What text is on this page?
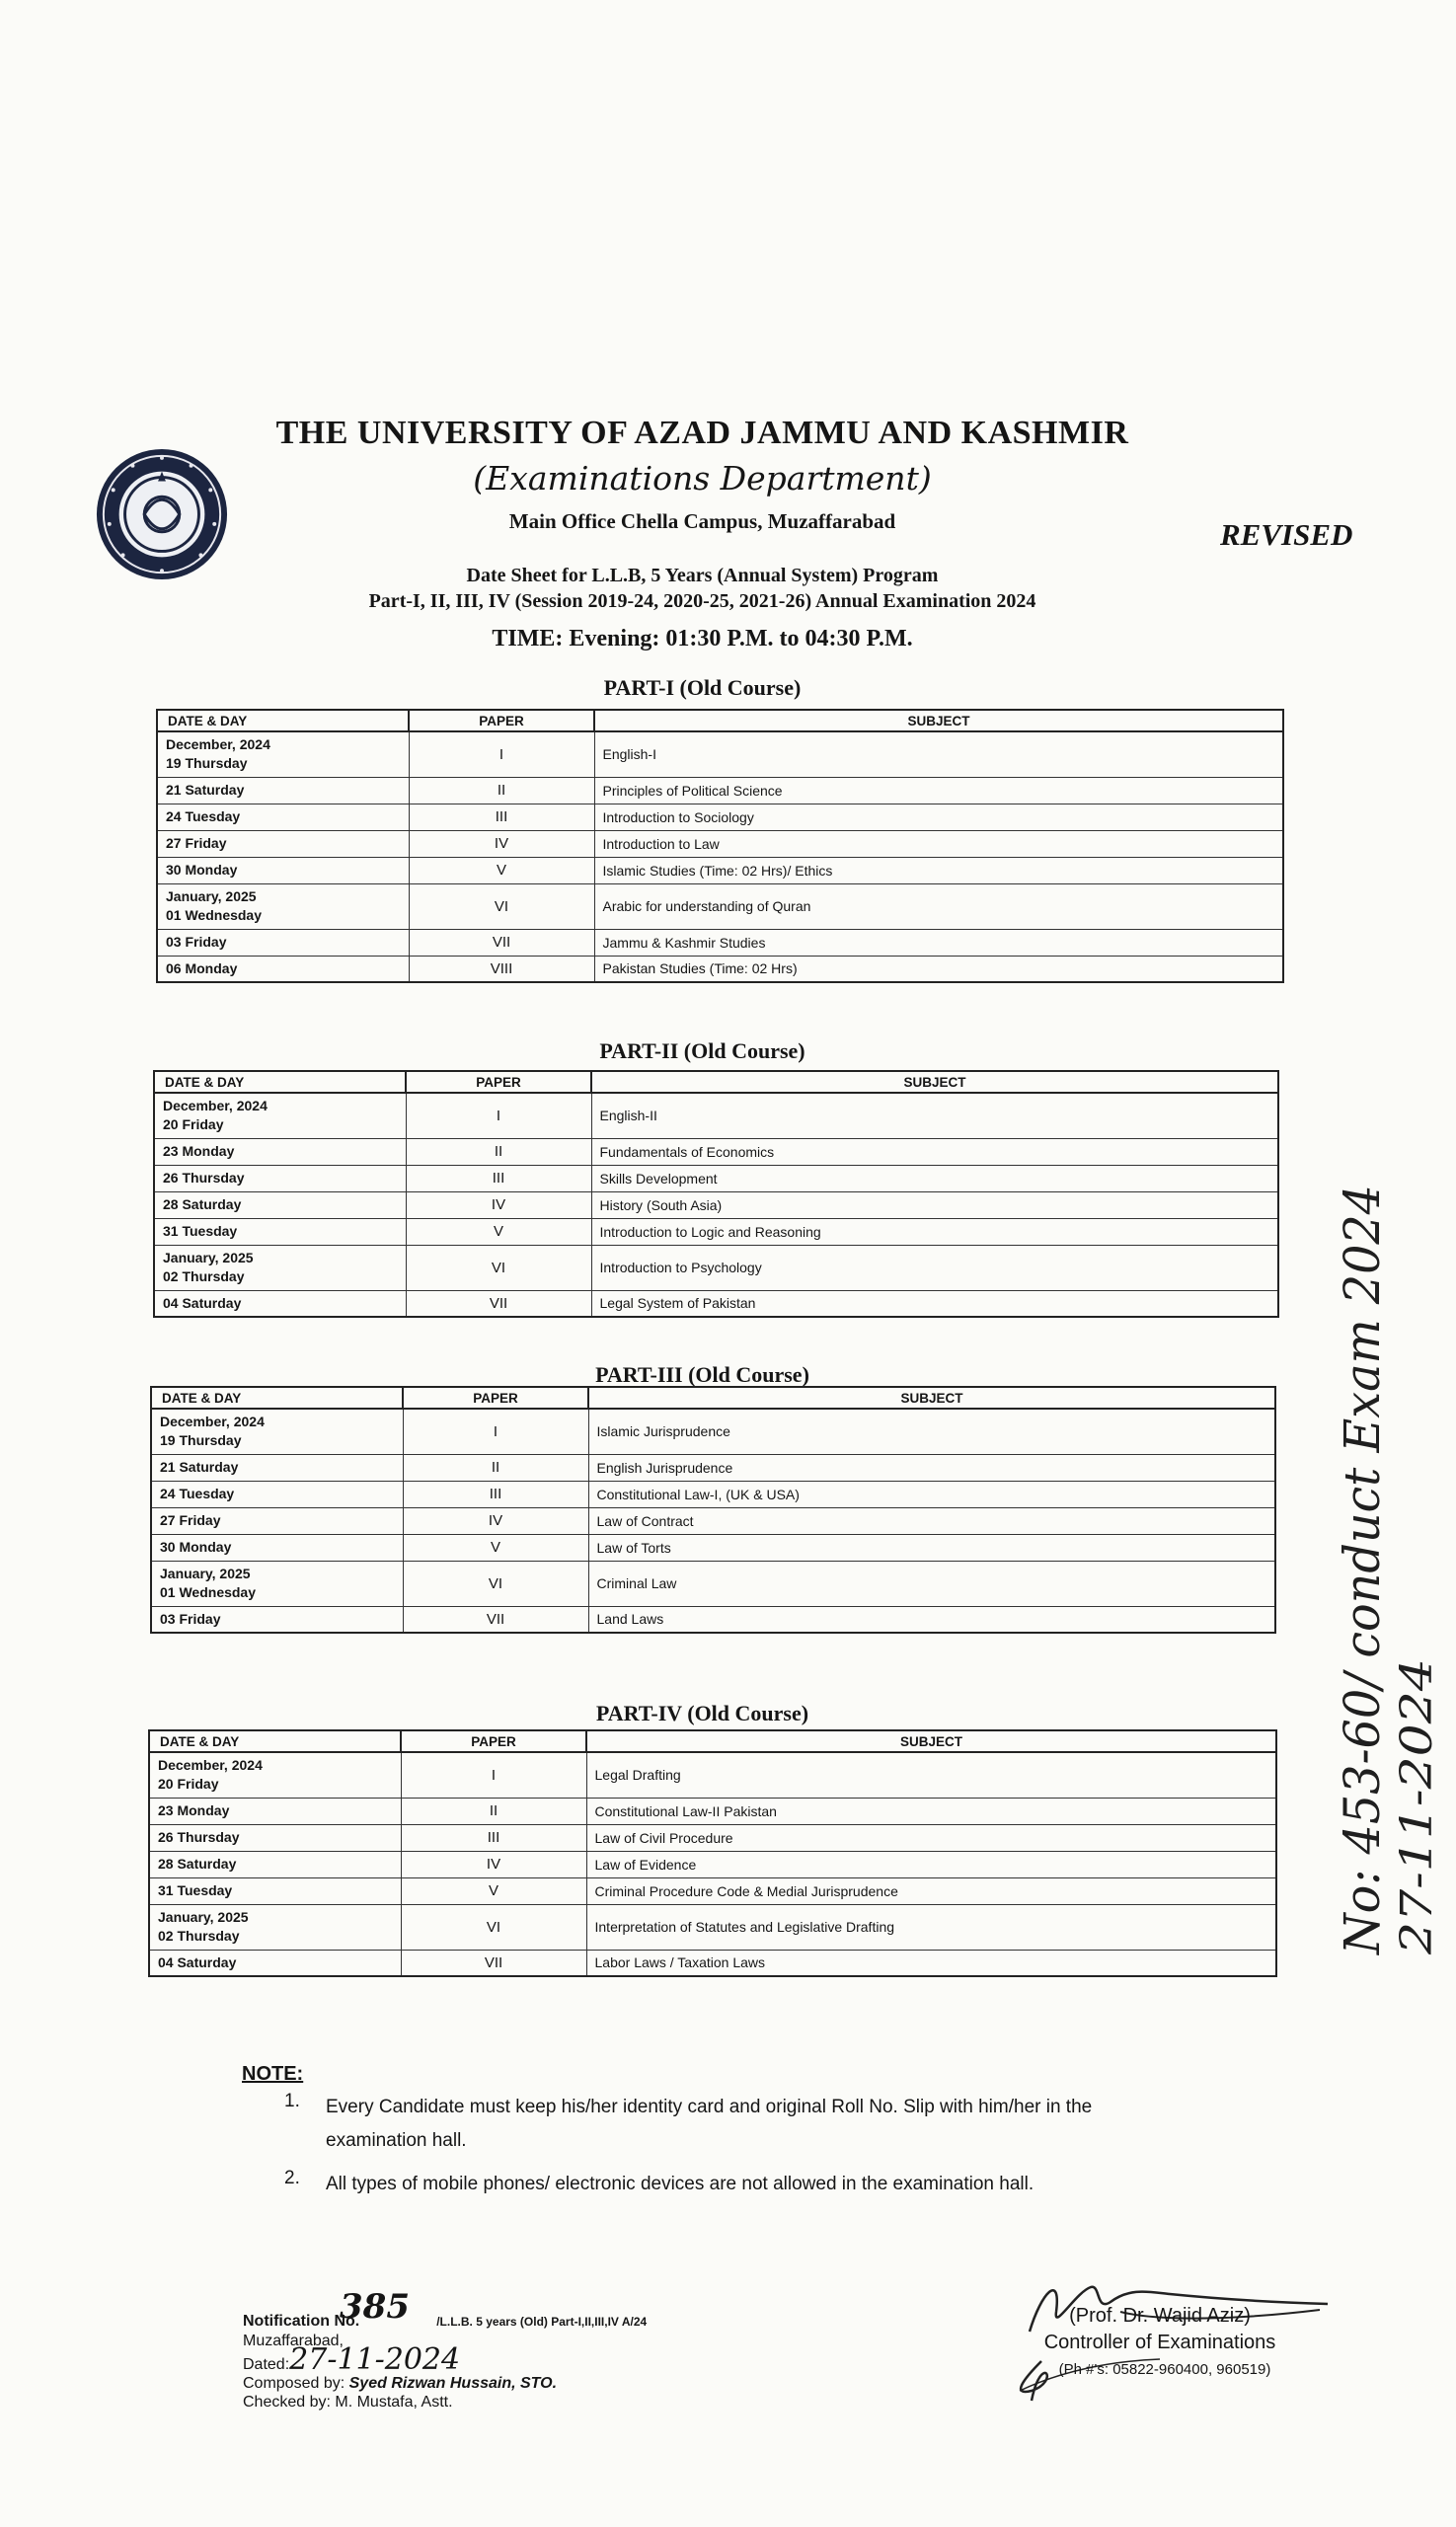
THE UNIVERSITY OF AZAD JAMMU AND KASHMIR
(Examinations Department)
Main Office Chella Campus, Muzaffarabad	REVISED
Date Sheet for L.L.B, 5 Years (Annual System) Program
Part-I, II, III, IV (Session 2019-24, 2020-25, 2021-26) Annual Examination 2024
TIME: Evening: 01:30 P.M. to 04:30 P.M.
PART-I (Old Course)
PART-II (Old Course)
PART-III (Old Course)
PART-IV (Old Course)
DATE & DAY	PAPER	SUBJECT

December, 2024
19 Thursday	I	English-I
21 Saturday	II	Principles of Political Science
24 Tuesday	III	Introduction to Sociology
27 Friday	IV	Introduction to Law
30 Monday	V	Islamic Studies (Time: 02 Hrs)/ Ethics

January, 2025
01 Wednesday	VI	Arabic for understanding of Quran
03 Friday	VII	Jammu & Kashmir Studies
06 Monday	VIII	Pakistan Studies (Time: 02 Hrs)
DATE & DAY	PAPER	SUBJECT

December, 2024
20 Friday	I	English-II
23 Monday	II	Fundamentals of Economics
26 Thursday	III	Skills Development
28 Saturday	IV	History (South Asia)
31 Tuesday	V	Introduction to Logic and Reasoning

January, 2025
02 Thursday	VI	Introduction to Psychology
04 Saturday	VII	Legal System of Pakistan
DATE & DAY	PAPER	SUBJECT

December, 2024
19 Thursday	I	Islamic Jurisprudence
21 Saturday	II	English Jurisprudence
24 Tuesday	III	Constitutional Law-I, (UK & USA)
27 Friday	IV	Law of Contract
30 Monday	V	Law of Torts

January, 2025
01 Wednesday	VI	Criminal Law
03 Friday	VII	Land Laws
DATE & DAY	PAPER	SUBJECT

December, 2024
20 Friday	I	Legal Drafting
23 Monday	II	Constitutional Law-II Pakistan
26 Thursday	III	Law of Civil Procedure
28 Saturday	IV	Law of Evidence
31 Tuesday	V	Criminal Procedure Code & Medial Jurisprudence

January, 2025
02 Thursday	VI	Interpretation of Statutes and Legislative Drafting
04 Saturday	VII	Labor Laws / Taxation Laws
NOTE:
1. Every Candidate must keep his/her identity card and original Roll No. Slip with him/her in the
examination hall.
2. All types of mobile phones/ electronic devices are not allowed in the examination hall.
Notification No.	/L.L.B. 5 years (Old) Part-I,II,III,IV A/24
385
Muzaffarabad,
Dated:27-11-2024
Composed by: Syed Rizwan Hussain, STO.
Checked by: M. Mustafa, Astt.
(Prof. Dr. Wajid Aziz)
Controller of Examinations
(Ph #'s: 05822-960400, 960519)
No: 453-60/ conduct Exam 2024 27-11-2024
